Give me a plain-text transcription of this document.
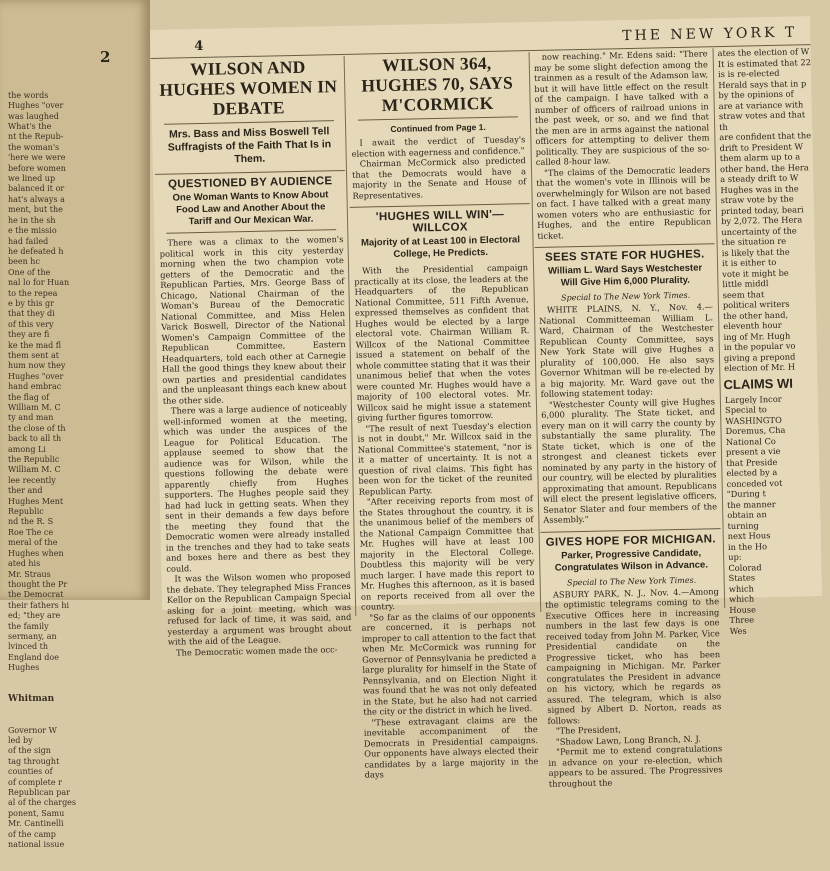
2

the words
Hughes "over
was laughed
What's the
nt the Repub-
the woman's
'here we were
before women
we lined up
balanced it or
hat's always a
ment, but the
he in the sh
e the missio
had failed
he defeated h
been hc
One of the
nal lo for Huan
to the repea
e by this gr
that they di
of this very
they are fi
ke the mad fl
them sent at
hum now they
Hughes "over
hand embrac
the flag of
William M. C
ty and man
the close of th
back to all th
among Li
the Republic
William M. C
lee recently
ther and
Hughes Ment
Republic
nd the R. S
Roe The ce
meral of the
Hughes when
ated his
Mr. Straus
thought the Pr
the Democrat
their fathers hi
ed; "they are
the family
sermany, an
lvinced th
England doe
Hughes

Whitman

Governor W
led by
of the sign
tag throught
counties of
of complete r
Republican par
al of the charges
ponent, Samu
Mr. Cantinelli
of the camp
national issue

4
THE NEW YORK T
WILSON AND HUGHES WOMEN IN DEBATE
Mrs. Bass and Miss Boswell Tell Suffragists of the Faith That Is in Them.
QUESTIONED BY AUDIENCE
One Woman Wants to Know About Food Law and Another About the Tariff and Our Mexican War.

There was a climax to the women's political work in this city yesterday morning when the two champion vote getters of the Democratic and the Republican Parties, Mrs. George Bass of Chicago, National Chairman of the Woman's Bureau of the Democratic National Committee, and Miss Helen Varick Boswell, Director of the National Women's Campaign Committee of the Republican Committee, Eastern Headquarters, told each other at Carnegie Hall the good things they knew about their own parties and presidential candidates and the unpleasant things each knew about the other side.

There was a large audience of noticeably well-informed women at the meeting, which was under the auspices of the League for Political Education. The applause seemed to show that the audience was for Wilson, while the questions following the debate were apparently chiefly from Hughes supporters. The Hughes people said they had had luck in getting seats. When they sent in their demands a few days before the meeting they found that the Democratic women were already installed in the trenches and they had to take seats and boxes here and there as best they could.

It was the Wilson women who proposed the debate. They telegraphed Miss Frances Kellor on the Republican Campaign Special asking for a joint meeting, which was refused for lack of time, it was said, and yesterday a argument was brought about with the aid of the League.

The Democratic women made the occ-

WILSON 364, HUGHES 70, SAYS M'CORMICK
Continued from Page 1.

I await the verdict of Tuesday's election with eagerness and confidence."

Chairman McCormick also predicted that the Democrats would have a majority in the Senate and House of Representatives.

'HUGHES WILL WIN'—WILLCOX
Majority of at Least 100 in Electoral College, He Predicts.

With the Presidential campaign practically at its close, the leaders at the Headquarters of the Republican National Committee, 511 Fifth Avenue, expressed themselves as confident that Hughes would be elected by a large electoral vote. Chairman William R. Willcox of the National Committee issued a statement on behalf of the whole committee stating that it was their unanimous belief that when the votes were counted Mr. Hughes would have a majority of 100 electoral votes. Mr. Willcox said he might issue a statement giving further figures tomorrow.

"The result of next Tuesday's election is not in doubt," Mr. Willcox said in the National Committee's statement, "nor is it a matter of uncertainty. It is not a question of rival claims. This fight has been won for the ticket of the reunited Republican Party.

"After receiving reports from most of the States throughout the country, it is the unanimous belief of the members of the National Campaign Committee that Mr. Hughes will have at least 100 majority in the Electoral College. Doubtless this majority will be very much larger. I have made this report to Mr. Hughes this afternoon, as it is based on reports received from all over the country.

"So far as the claims of our opponents are concerned, it is perhaps not improper to call attention to the fact that when Mr. McCormick was running for Governor of Pennsylvania he predicted a large plurality for himself in the State of Pennsylvania, and on Election Night it was found that he was not only defeated in the State, but he also had not carried the city or the district in which he lived.

"These extravagant claims are the inevitable accompaniment of the Democrats in Presidential campaigns. Our opponents have always elected their candidates by a large majority in the days

now reaching." Mr. Edens said: "There may be some slight defection among the trainmen as a result of the Adamson law, but it will have little effect on the result of the campaign. I have talked with a number of officers of railroad unions in the past week, or so, and we find that the men are in arms against the national officers for attempting to deliver them politically. They are suspicious of the so-called 8-hour law.

"The claims of the Democratic leaders that the women's vote in Illinois will be overwhelmingly for Wilson are not based on fact. I have talked with a great many women voters who are enthusiastic for Hughes, and the entire Republican ticket.

SEES STATE FOR HUGHES.
William L. Ward Says Westchester Will Give Him 6,000 Plurality.
Special to The New York Times.

WHITE PLAINS, N. Y., Nov. 4.—National Committeeman William L. Ward, Chairman of the Westchester Republican County Committee, says New York State will give Hughes a plurality of 100,000. He also says Governor Whitman will be re-elected by a big majority. Mr. Ward gave out the following statement today:

"Westchester County will give Hughes 6,000 plurality. The State ticket, and every man on it will carry the county by substantially the same plurality. The State ticket, which is one of the strongest and cleanest tickets ever nominated by any party in the history of our country, will be elected by pluralities approximating that amount. Republicans will elect the present legislative officers, Senator Slater and four members of the Assembly."

GIVES HOPE FOR MICHIGAN.
Parker, Progressive Candidate, Congratulates Wilson in Advance.
Special to The New York Times.

ASBURY PARK, N. J., Nov. 4.—Among the optimistic telegrams coming to the Executive Offices here in increasing numbers in the last few days is one received today from John M. Parker, Vice Presidential candidate on the Progressive ticket, who has been campaigning in Michigan. Mr. Parker congratulates the President in advance on his victory, which he regards as assured. The telegram, which is also signed by Albert D. Norton, reads as follows:

"The President,

"Shadow Lawn, Long Branch, N. J.

"Permit me to extend congratulations in advance on your re-election, which appears to be assured. The Progressives throughout the

ates the election of W
It is estimated that 22
is is re-elected
Herald says that in p
by the opinions of
are at variance with
straw votes and that th
are confident that the
drift to President W
them alarm up to a
other hand, the Hera
a steady drift to W
Hughes was in the
straw vote by the
printed today, beari
by 2,072. The Hera
uncertainty of the
the situation re
is likely that the
it is either to
vote it might be
little middl
seem that
political writers
the other hand,
eleventh hour
ing of Mr. Hugh
in the popular vo
giving a prepond
election of Mr. H
CLAIMS WI
Largely Incor
Special to
WASHINGTO
Doremus, Cha
National Co
present a vie
that Preside
elected by a
conceded vot
"During t
the manner
obtain an
turning
next Hous
in the Ho
up:
Colorad
States
which
which
House
Three
Wes
